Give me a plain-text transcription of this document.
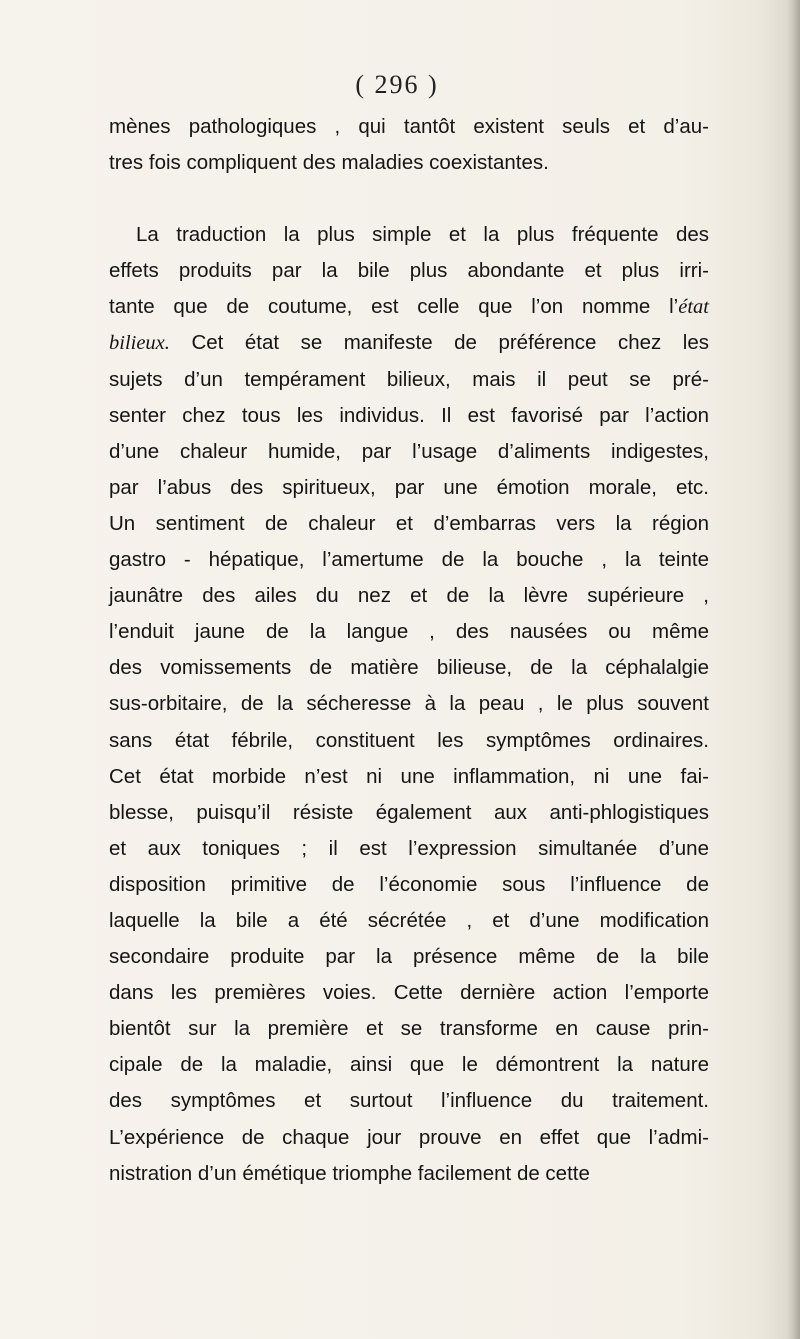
( 296 )
mènes pathologiques , qui tantôt existent seuls et d’au-
tres fois compliquent des maladies coexistantes.
La traduction la plus simple et la plus fréquente des
effets produits par la bile plus abondante et plus irri-
tante que de coutume, est celle que l’on nomme l’état
bilieux. Cet état se manifeste de préférence chez les
sujets d’un tempérament bilieux, mais il peut se pré-
senter chez tous les individus. Il est favorisé par l’action
d’une chaleur humide, par l’usage d’aliments indigestes,
par l’abus des spiritueux, par une émotion morale, etc.
Un sentiment de chaleur et d’embarras vers la région
gastro - hépatique, l’amertume de la bouche , la teinte
jaunâtre des ailes du nez et de la lèvre supérieure ,
l’enduit jaune de la langue , des nausées ou même
des vomissements de matière bilieuse, de la céphalalgie
sus-orbitaire, de la sécheresse à la peau , le plus souvent
sans état fébrile, constituent les symptômes ordinaires.
Cet état morbide n’est ni une inflammation, ni une fai-
blesse, puisqu’il résiste également aux anti-phlogistiques
et aux toniques ; il est l’expression simultanée d’une
disposition primitive de l’économie sous l’influence de
laquelle la bile a été sécrétée , et d’une modification
secondaire produite par la présence même de la bile
dans les premières voies. Cette dernière action l’emporte
bientôt sur la première et se transforme en cause prin-
cipale de la maladie, ainsi que le démontrent la nature
des symptômes et surtout l’influence du traitement.
L’expérience de chaque jour prouve en effet que l’admi-
nistration d’un émétique triomphe facilement de cette
